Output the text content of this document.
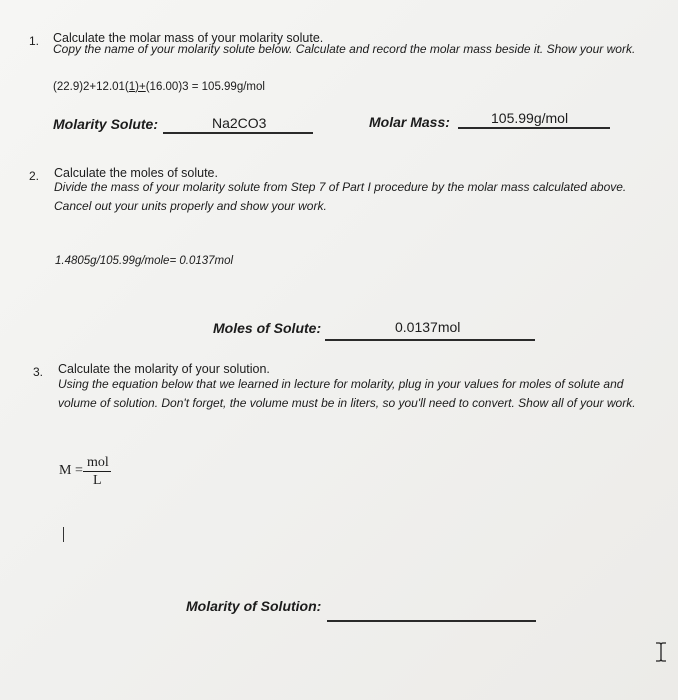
1. Calculate the molar mass of your molarity solute.
Copy the name of your molarity solute below. Calculate and record the molar mass beside it. Show your work.
(22.9)2+12.01(1)+(16.00)3 = 105.99g/mol
Molarity Solute:	Na2CO3	Molar Mass:	105.99g/mol
2. Calculate the moles of solute.
Divide the mass of your molarity solute from Step 7 of Part I procedure by the molar mass calculated above. Cancel out your units properly and show your work.
1.4805g/105.99g/mole= 0.0137mol
Moles of Solute:	0.0137mol
3. Calculate the molarity of your solution.
Using the equation below that we learned in lecture for molarity, plug in your values for moles of solute and volume of solution. Don't forget, the volume must be in liters, so you'll need to convert. Show all of your work.
M =
mol
L
Molarity of Solution:
